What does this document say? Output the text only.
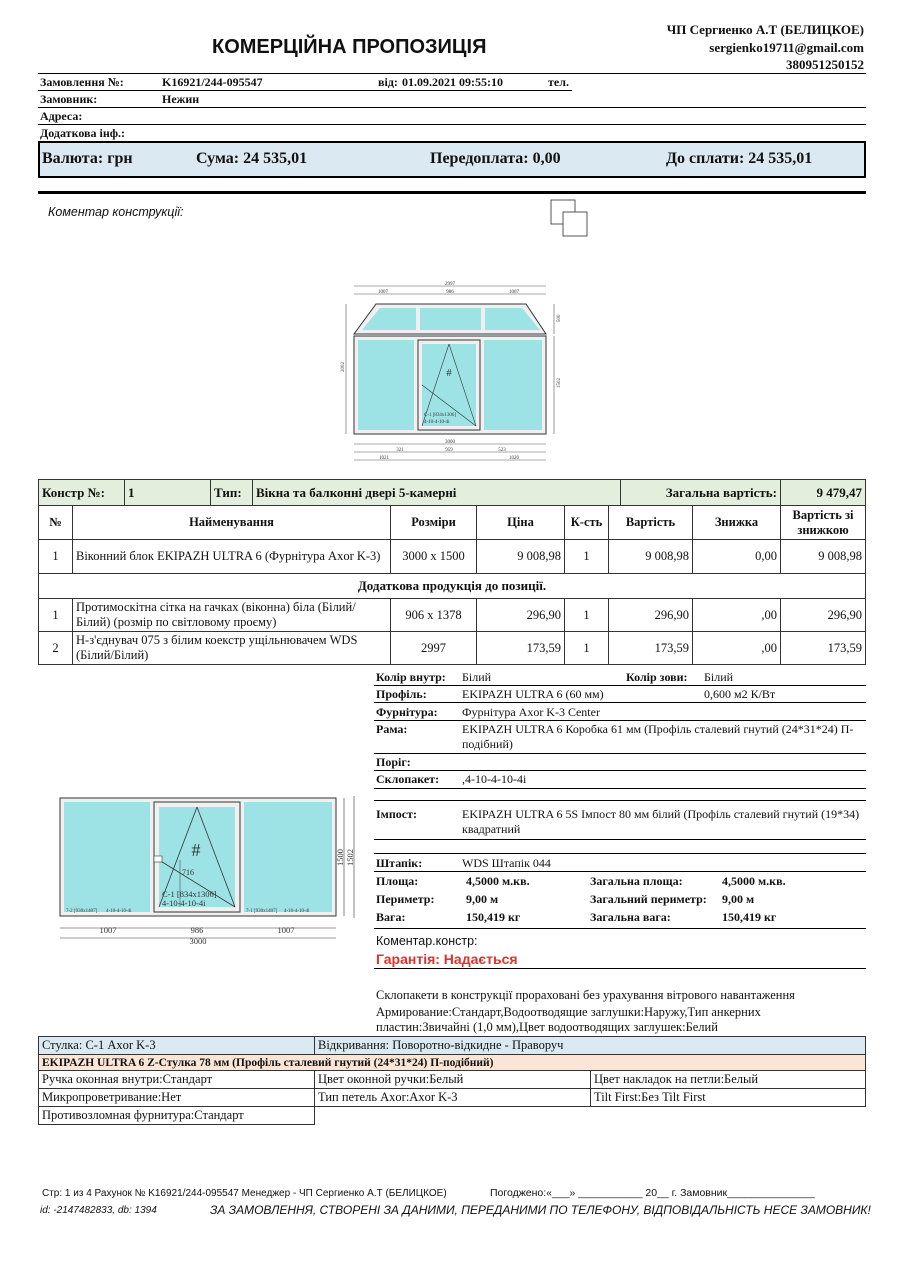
КОМЕРЦІЙНА ПРОПОЗИЦІЯ
ЧП Сергиенко А.Т (БЕЛИЦКОЕ)
sergienko19711@gmail.com
380951250152
Замовлення №:	K16921/244-095547	від: 01.09.2021 09:55:10	тел.
Замовник:	Нежин
Адреса:
Додаткова інф.:
Валюта: грн	Сума: 24 535,01	Передоплата: 0,00	До сплати: 24 535,01
Коментар конструкції:
2997
1007	986	1007
#
С-1 [834х1306]
4-10-4-10-4і
2002
500
1502
3000
321	959	523
1021	1020
Констр №:	1	Тип:	Вікна та балконні двері 5-камерні	Загальна вартість:	9 479,47
№	Найменування	Розміри	Ціна	К-сть	Вартість	Знижка	Вартість зі знижкою
1	Віконний блок EKIPAZH ULTRA 6 (Фурнітура Axor K-3)	3000 x 1500	9 008,98	1	9 008,98	0,00	9 008,98
Додаткова продукція до позиції.							
1	Протимоскітна сітка на гачках (віконна) біла (Білий/Білий) (розмір по світловому проєму)	906 x 1378	296,90	1	296,90	,00	296,90
2	Н-з'єднувач 075 з білим коекстр ущільнювачем WDS (Білий/Білий)	2997	173,59	1	173,59	,00	173,59
Колір внутр: Білий	Колір зови: Білий
Профіль:	EKIPAZH ULTRA 6 (60 мм)	0,600 м2 К/Вт
Фурнітура: Фурнітура Axor K-3 Center
Рама:	EKIPAZH ULTRA 6 Коробка 61 мм (Профіль сталевий гнутий (24*31*24) П-подібний)
Поріг:
Склопакет: ,4-10-4-10-4і
Імпост:	EKIPAZH ULTRA 6 5S Імпост 80 мм білий (Профіль сталевий гнутий (19*34) квадратний
Штапік:	WDS Штапік 044
Площа:	4,5000 м.кв.	Загальна площа:	4,5000 м.кв.
Периметр:	9,00 м	Загальний периметр: 9,00 м
Вага:	150,419 кг	Загальна вага:	150,419 кг
Коментар.констр:
Гарантія: Надається
Склопакети в конструкції прораховані без урахування вітрового навантаження
Армирование:Стандарт,Водоотводящие заглушки:Наружу,Тип анкерних пластин:Звичайні (1,0 мм),Цвет водоотводящих заглушек:Белий
#
716
С-1 [834х1306]
4-10-4-10-4і
7-2 [930х1407] 4-10-4-10-4і	7-1 [930х1407] 4-10-4-10-4і
1007	986	1007
3000
1500 1502
Стулка: С-1 Axor K-3	Відкривання: Поворотно-відкидне - Праворуч	
EKIPAZH ULTRA 6 Z-Стулка 78 мм (Профіль сталевий гнутий (24*31*24) П-подібний)		
Ручка оконная внутри:Стандарт	Цвет оконной ручки:Белый	Цвет накладок на петли:Белый
Микропроветривание:Нет	Тип петель Axor:Axor K-3	Tilt First:Без Tilt First
Противозломная фурнитура:Стандарт		
Стр: 1 из 4 Рахунок № K16921/244-095547 Менеджер - ЧП Сергиенко А.Т (БЕЛИЦКОЕ)	Погоджено:«___» ___________ 20__ г. Замовник_______________
id: -2147482833, db: 1394	ЗА ЗАМОВЛЕННЯ, СТВОРЕНІ ЗА ДАНИМИ, ПЕРЕДАНИМИ ПО ТЕЛЕФОНУ, ВІДПОВІДАЛЬНІСТЬ НЕСЕ ЗАМОВНИК!
